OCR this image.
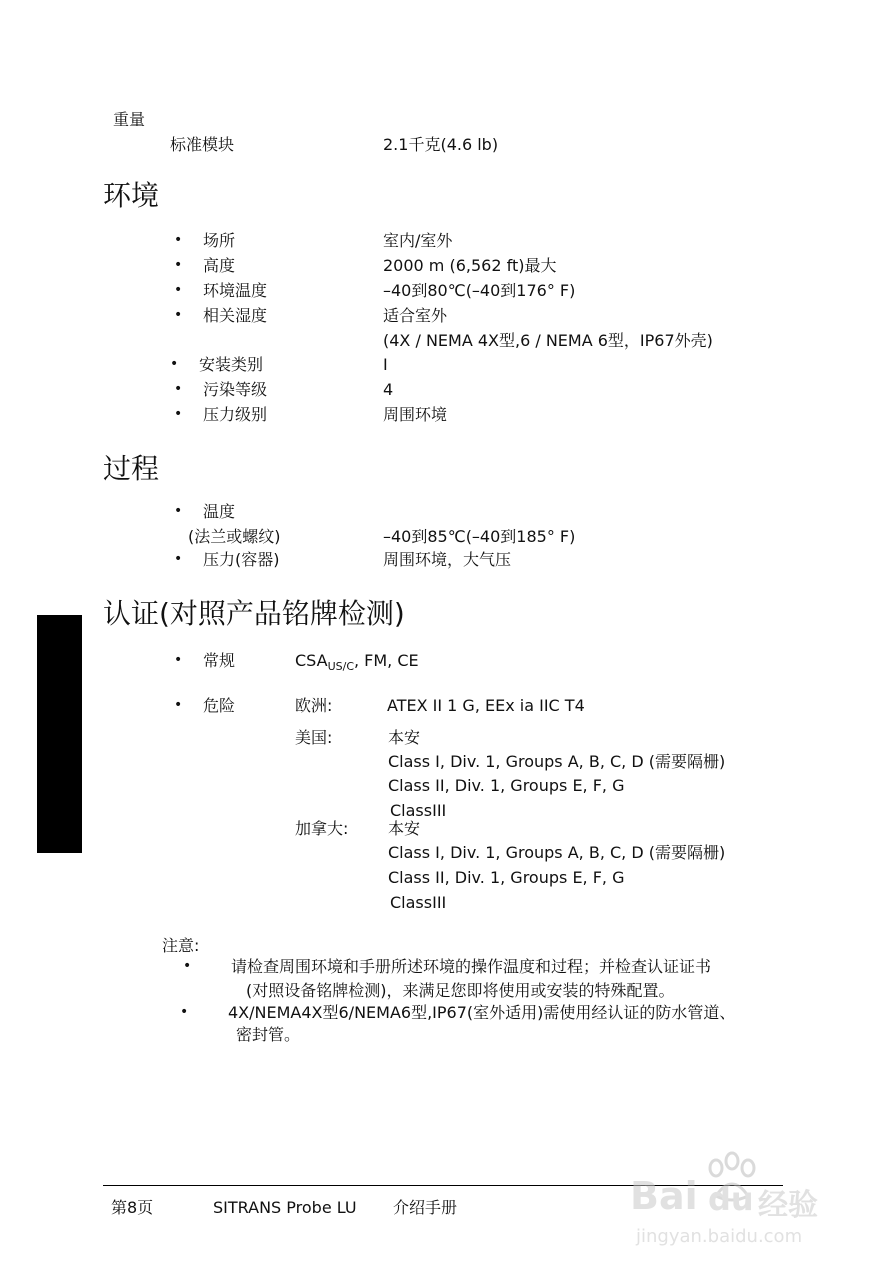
重量
标准模块	2.1千克(4.6 lb)
环境
• 场所	室内/室外
• 高度	2000 m (6,562 ft)最大
• 环境温度	–40到80℃(–40到176° F)
• 相关湿度	适合室外
(4X / NEMA 4X型,6 / NEMA 6型，IP67外壳)
• 安装类别	I
• 污染等级	4
• 压力级别	周围环境
过程
• 温度
(法兰或螺纹)	–40到85℃(–40到185° F)
• 压力(容器)	周围环境，大气压
认证(对照产品铭牌检测)
• 常规	$CSA_{US/C}$, FM, CE
• 危险	欧洲:	ATEX II 1 G, EEx ia IIC T4
美国:	本安
Class I, Div. 1, Groups A, B, C, D (需要隔栅)
Class II, Div. 1, Groups E, F, G
ClassIII
加拿大: 本安
Class I, Div. 1, Groups A, B, C, D (需要隔栅)
Class II, Div. 1, Groups E, F, G
ClassIII
注意:
• 请检查周围环境和手册所述环境的操作温度和过程；并检查认证证书
(对照设备铭牌检测)，来满足您即将使用或安装的特殊配置。
• 4X/NEMA4X型6/NEMA6型,IP67(室外适用)需使用经认证的防水管道、
密封管。
第8页	SITRANS Probe LU 介绍手册	Bai du 经验
jingyan.baidu.com
